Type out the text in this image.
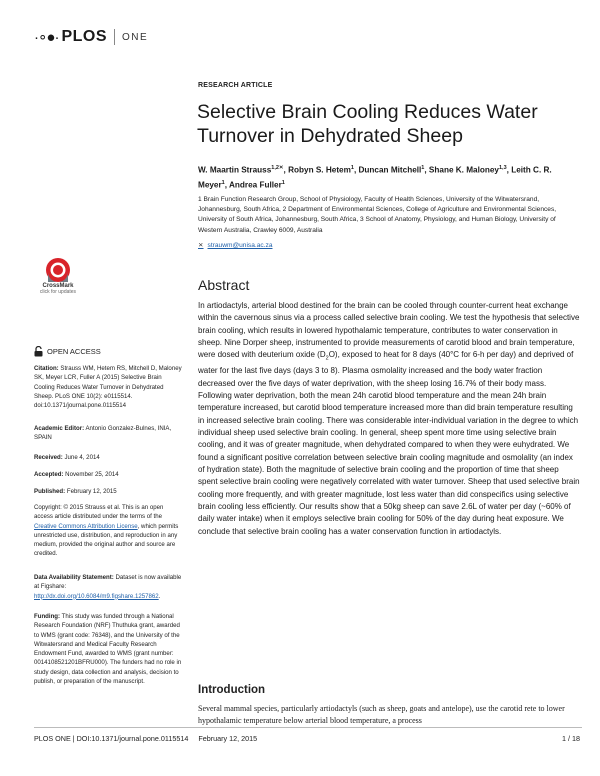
·∘●· PLOS ONE
RESEARCH ARTICLE
Selective Brain Cooling Reduces Water Turnover in Dehydrated Sheep
W. Maartin Strauss$^{1,2⨯}$, Robyn S. Hetem$^1$, Duncan Mitchell$^1$, Shane K. Maloney$^{1,3}$, Leith C. R. Meyer$^1$, Andrea Fuller$^1$
1 Brain Function Research Group, School of Physiology, Faculty of Health Sciences, University of the Witwatersrand, Johannesburg, South Africa, 2 Department of Environmental Sciences, College of Agriculture and Environmental Sciences, University of South Africa, Johannesburg, South Africa, 3 School of Anatomy, Physiology, and Human Biology, University of Western Australia, Crawley 6009, Australia
⨯ strauwm@unisa.ac.za
CrossMark
click for updates
OPEN ACCESS
Citation: Strauss WM, Hetem RS, Mitchell D, Maloney SK, Meyer LCR, Fuller A (2015) Selective Brain Cooling Reduces Water Turnover in Dehydrated Sheep. PLoS ONE 10(2): e0115514. doi:10.1371/journal.pone.0115514
Academic Editor: Antonio Gonzalez-Bulnes, INIA, SPAIN
Received: June 4, 2014
Accepted: November 25, 2014
Published: February 12, 2015
Copyright: © 2015 Strauss et al. This is an open access article distributed under the terms of the Creative Commons Attribution License, which permits unrestricted use, distribution, and reproduction in any medium, provided the original author and source are credited.
Data Availability Statement: Dataset is now available at Figshare: http://dx.doi.org/10.6084/m9.figshare.1257862.
Funding: This study was funded through a National Research Foundation (NRF) Thuthuka grant, awarded to WMS (grant code: 76348), and the University of the Witwatersrand and Medical Faculty Research Endowment Fund, awarded to WMS (grant number: 0014108521201BFRU000). The funders had no role in study design, data collection and analysis, decision to publish, or preparation of the manuscript.
Abstract

In artiodactyls, arterial blood destined for the brain can be cooled through counter-current heat exchange within the cavernous sinus via a process called selective brain cooling. We test the hypothesis that selective brain cooling, which results in lowered hypothalamic temperature, contributes to water conservation in sheep. Nine Dorper sheep, instrumented to provide measurements of carotid blood and brain temperature, were dosed with deuterium oxide $(D_2O)$, exposed to heat for 8 days (40°C for 6-h per day) and deprived of water for the last five days (days 3 to 8). Plasma osmolality increased and the body water fraction decreased over the five days of water deprivation, with the sheep losing 16.7% of their body mass. Following water deprivation, both the mean 24h carotid blood temperature and the mean 24h brain temperature increased, but carotid blood temperature increased more than did brain temperature resulting in increased selective brain cooling. There was considerable inter-individual variation in the degree to which individual sheep used selective brain cooling. In general, sheep spent more time using selective brain cooling, and it was of greater magnitude, when dehydrated compared to when they were euhydrated. We found a significant positive correlation between selective brain cooling magnitude and osmolality (an index of hydration state). Both the magnitude of selective brain cooling and the proportion of time that sheep spent selective brain cooling were negatively correlated with water turnover. Sheep that used selective brain cooling more frequently, and with greater magnitude, lost less water than did conspecifics using selective brain cooling less efficiently. Our results show that a 50kg sheep can save 2.6L of water per day (~60% of daily water intake) when it employs selective brain cooling for 50% of the day during heat exposure. We conclude that selective brain cooling has a water conservation function in artiodactyls.

Introduction

Several mammal species, particularly artiodactyls (such as sheep, goats and antelope), use the carotid rete to lower hypothalamic temperature below arterial blood temperature, a process

PLOS ONE | DOI:10.1371/journal.pone.0115514     February 12, 2015	1 / 18
